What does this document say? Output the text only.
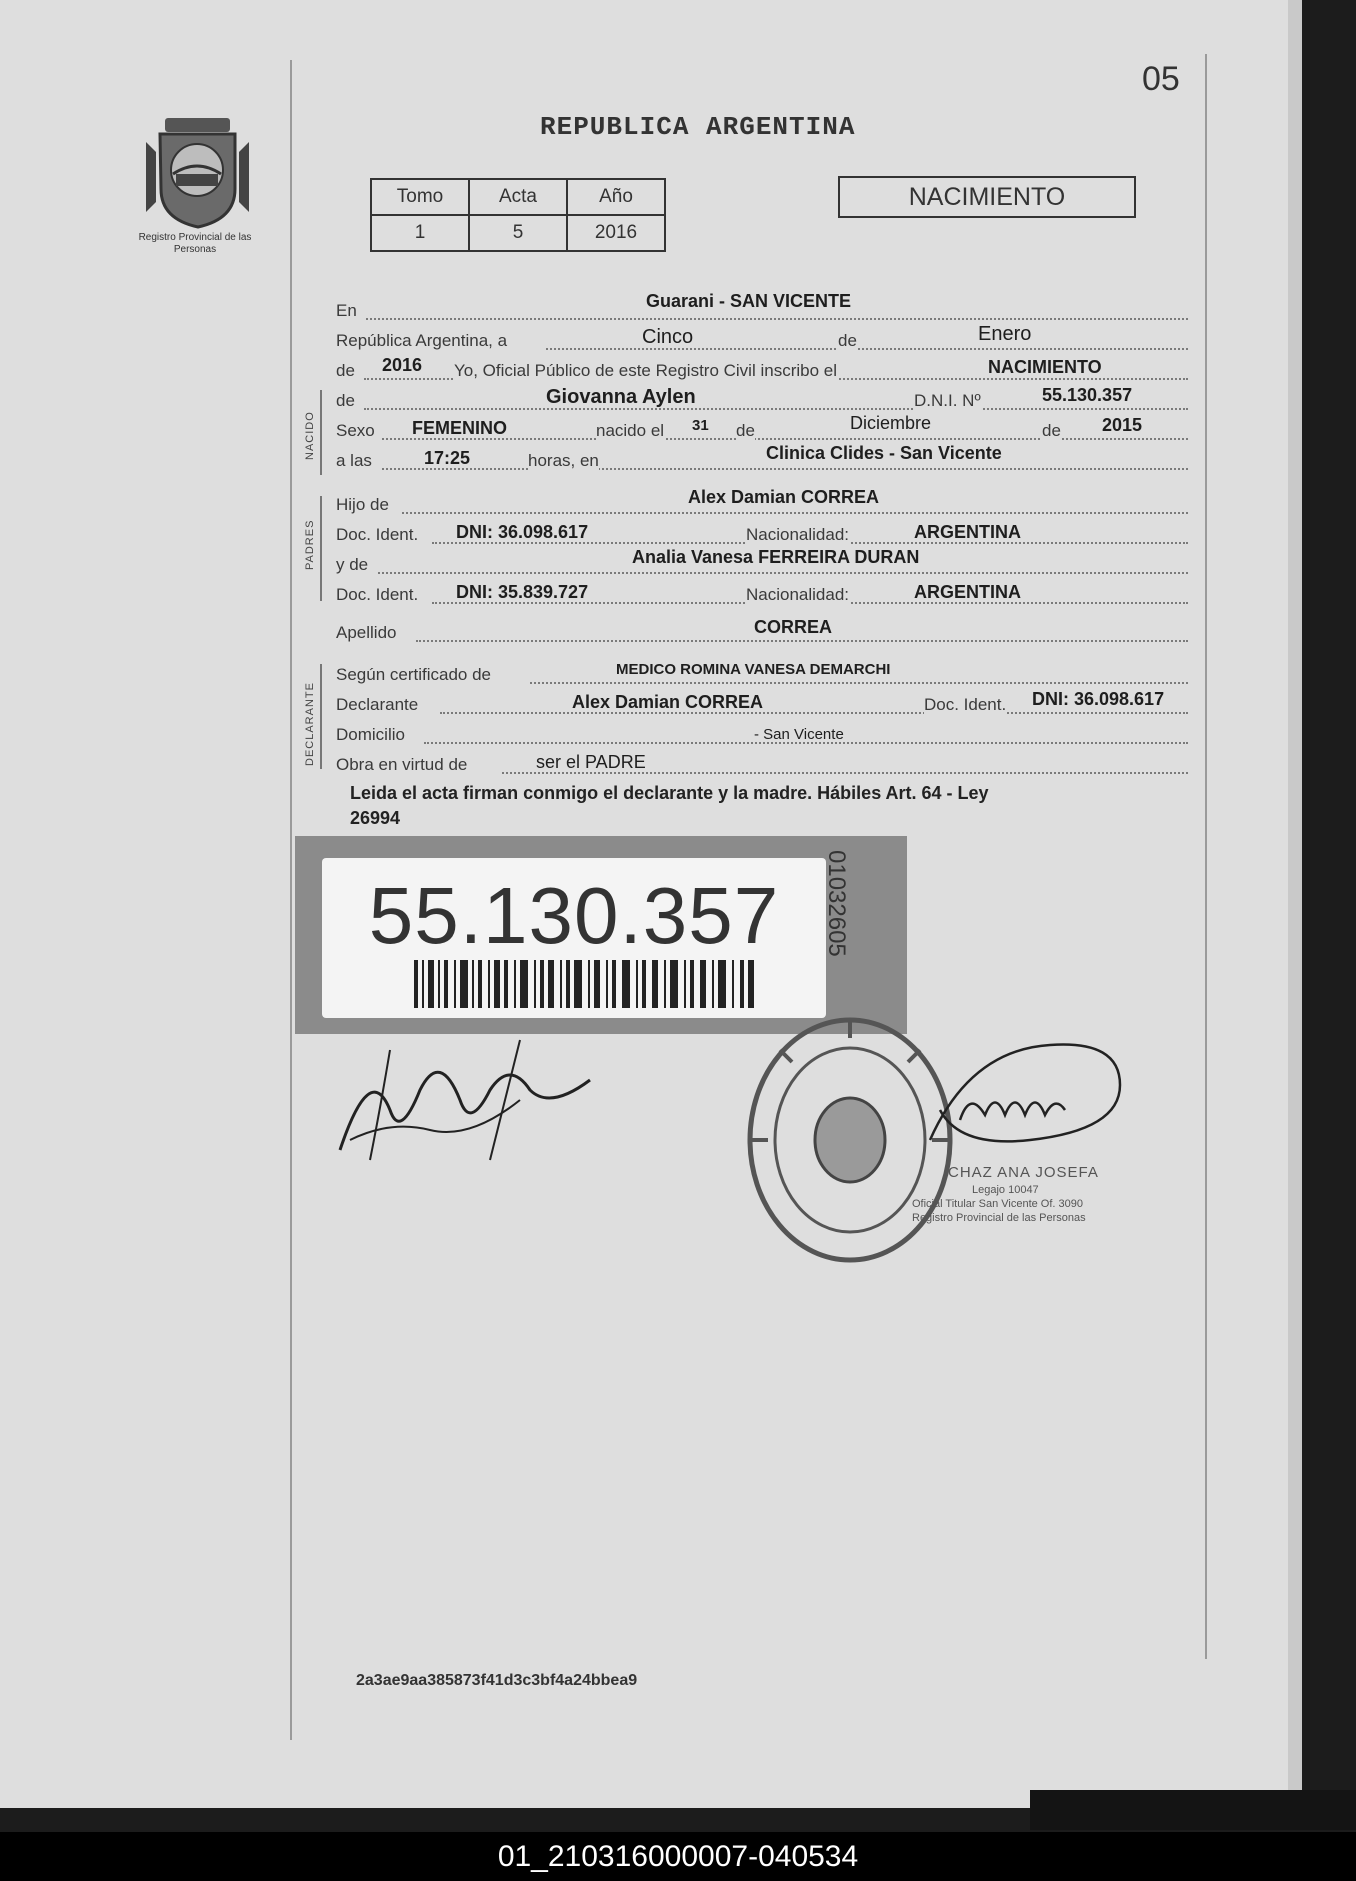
05
Registro Provincial de las Personas
REPUBLICA ARGENTINA
Tomo	Acta	Año
1	5	2016
NACIMIENTO
En	Guarani - SAN VICENTE
República Argentina, a	Cinco	de	Enero
de 2016 Yo, Oficial Público de este Registro Civil inscribo el	NACIMIENTO
NACIDO
de	Giovanna Aylen	D.N.I. Nº	55.130.357
Sexo FEMENINO	nacido el 31 de	Diciembre	de 2015
a las	17:25	horas, en	Clinica Clides - San Vicente
PADRES
Hijo de	Alex Damian CORREA
Doc. Ident. DNI: 36.098.617	Nacionalidad:	ARGENTINA
y de	Analia Vanesa FERREIRA DURAN
Doc. Ident. DNI: 35.839.727	Nacionalidad:	ARGENTINA
Apellido	CORREA
DECLARANTE
Según certificado de	MEDICO ROMINA VANESA DEMARCHI
Declarante	Alex Damian CORREA	Doc. Ident. DNI: 36.098.617
Domicilio	- San Vicente
Obra en virtud de	ser el PADRE
Leida el acta firman conmigo el declarante y la madre. Hábiles Art. 64 - Ley
26994
55.130.357	01032605
CHAZ ANA JOSEFA
Legajo 10047
Oficial Titular San Vicente Of. 3090
Registro Provincial de las Personas
2a3ae9aa385873f41d3c3bf4a24bbea9
01_210316000007-040534
